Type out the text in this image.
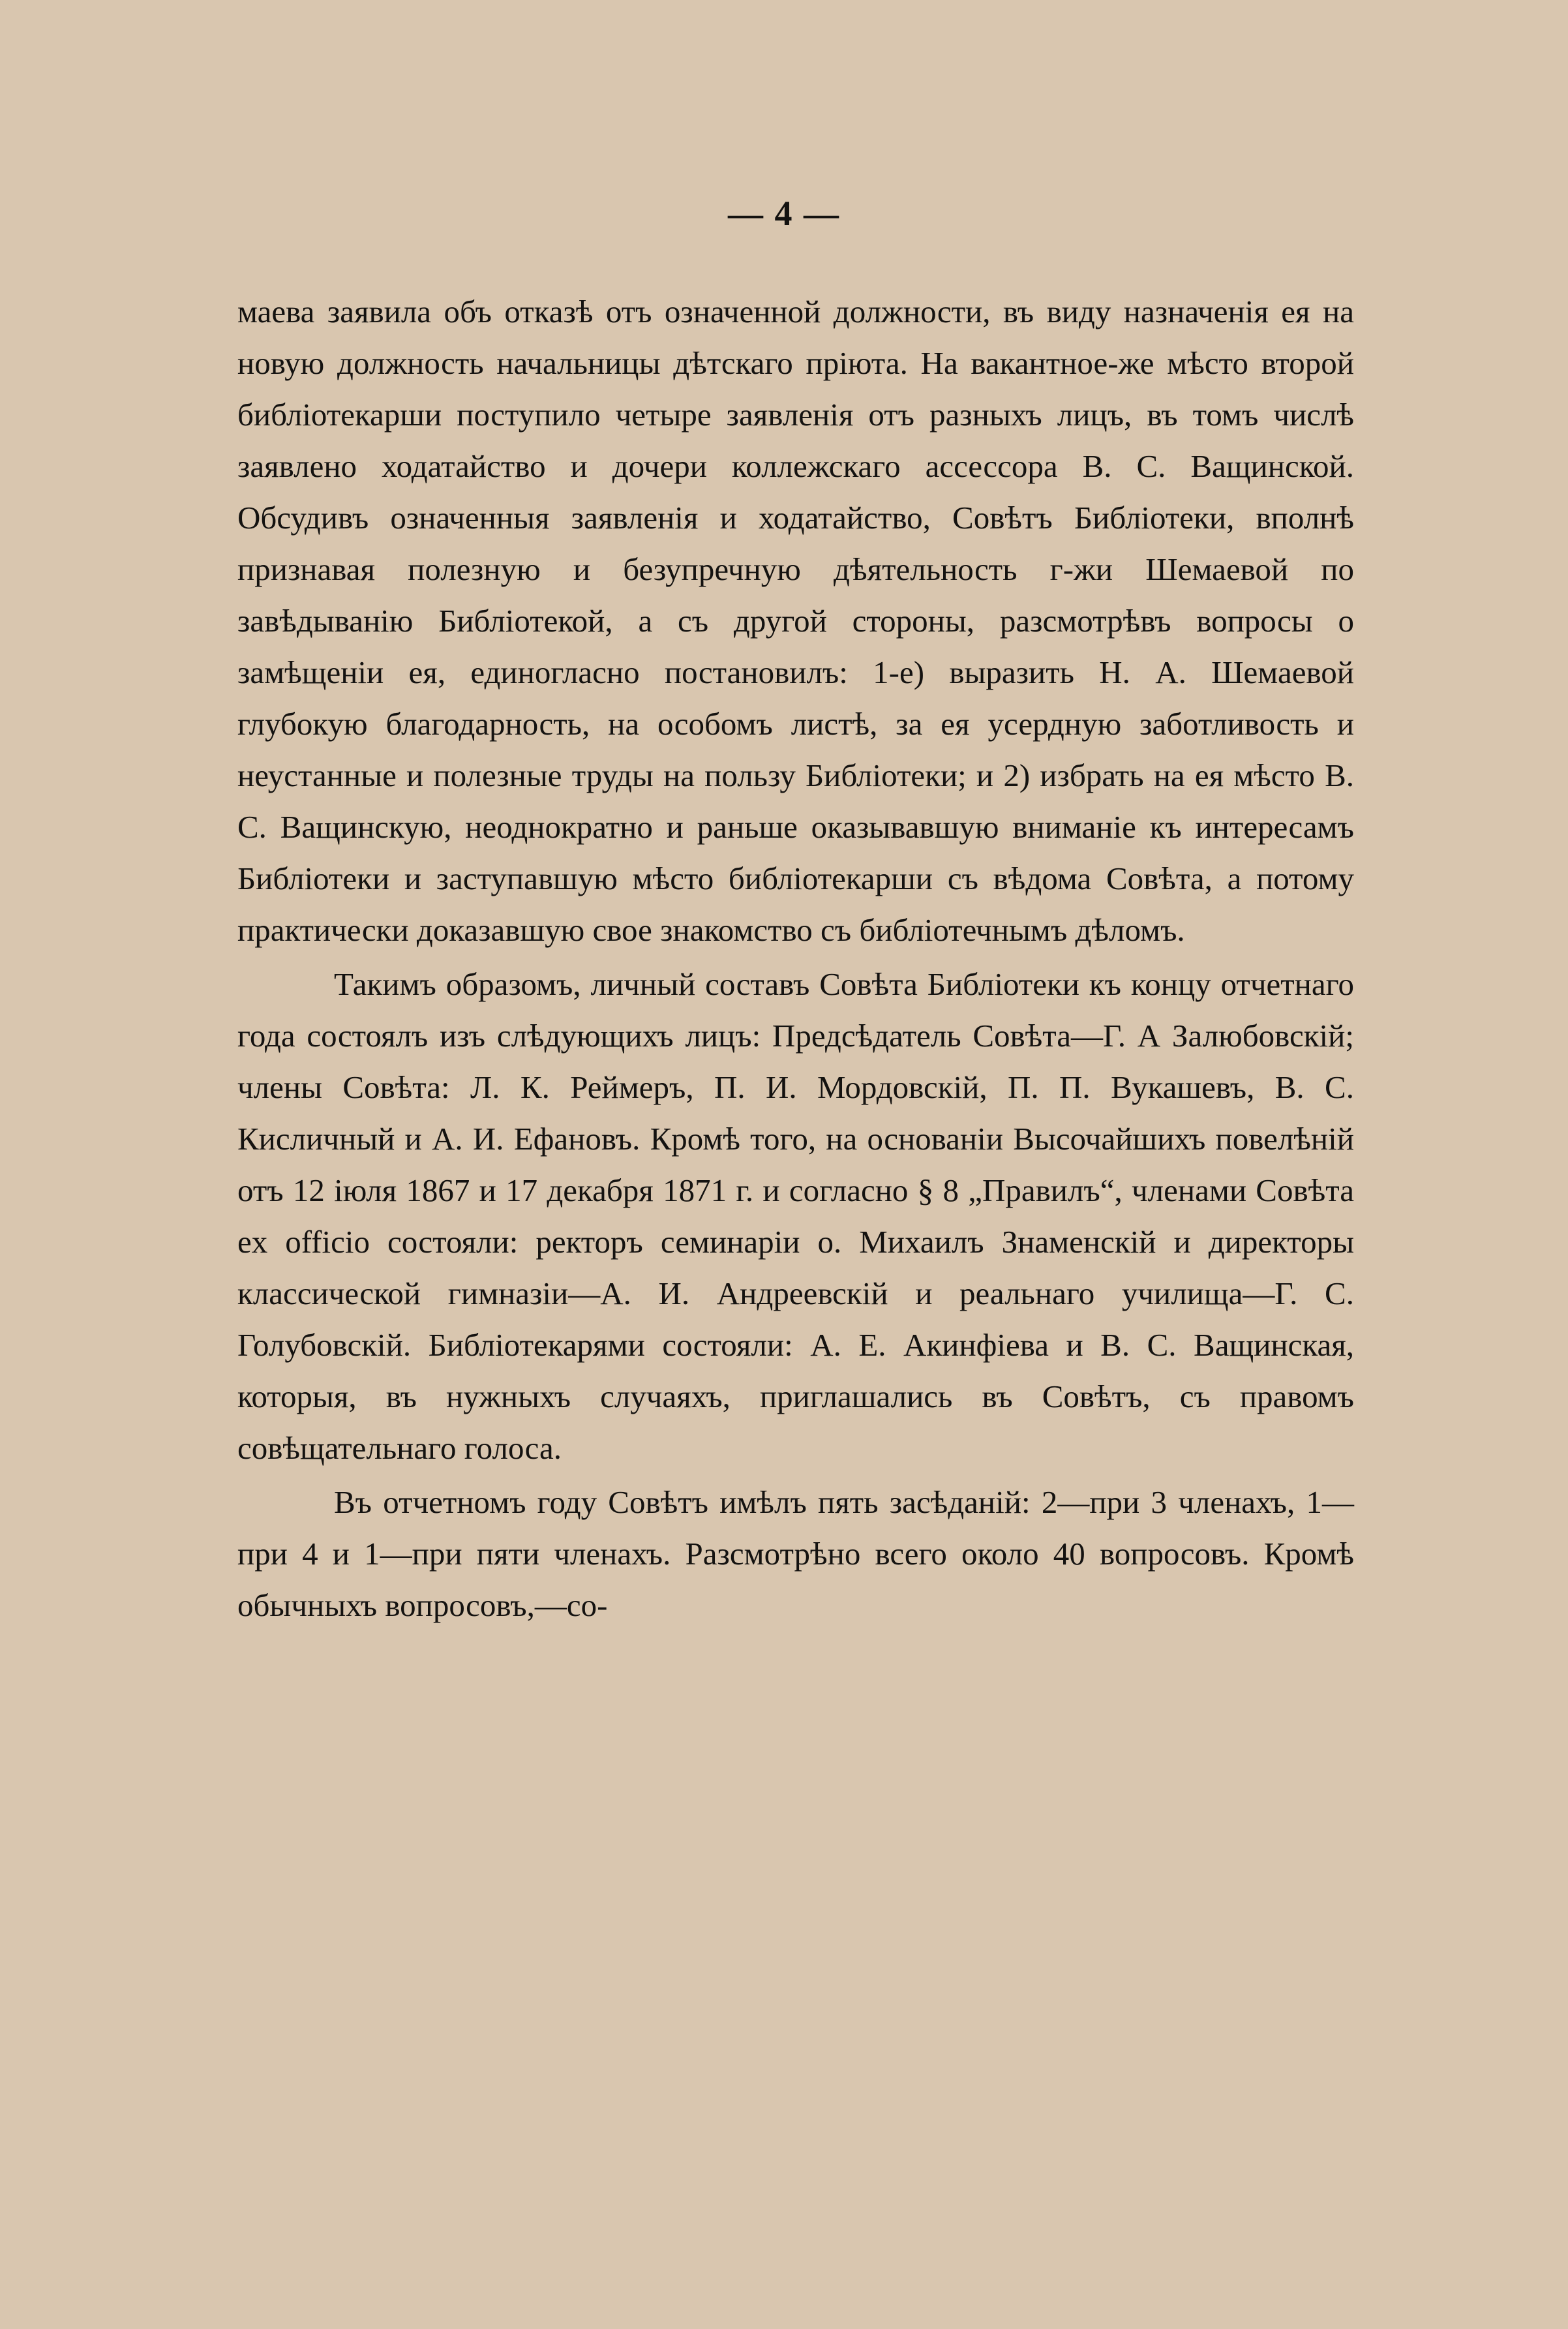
— 4 —

маева заявила объ отказѣ отъ означенной должности, въ виду назначенія ея на новую должность начальницы дѣтскаго пріюта. На вакантное-же мѣсто второй библіотекарши поступило четыре заявленія отъ разныхъ лицъ, въ томъ числѣ заявлено ходатайство и дочери коллежскаго ассессора В. С. Ващинской. Обсудивъ означенныя заявленія и ходатайство, Совѣтъ Библіотеки, вполнѣ признавая полезную и безупречную дѣятельность г-жи Шемаевой по завѣдыванію Библіотекой, а съ другой стороны, разсмотрѣвъ вопросы о замѣщеніи ея, единогласно постановилъ: 1-е) выразить Н. А. Шемаевой глубокую благодарность, на особомъ листѣ, за ея усердную заботливость и неустанные и полезные труды на пользу Библіотеки; и 2) избрать на ея мѣсто В. С. Ващинскую, неоднократно и раньше оказывавшую вниманіе къ интересамъ Библіотеки и заступавшую мѣсто библіотекарши съ вѣдома Совѣта, а потому практически доказавшую свое знакомство съ библіотечнымъ дѣломъ.

Такимъ образомъ, личный составъ Совѣта Библіотеки къ концу отчетнаго года состоялъ изъ слѣдующихъ лицъ: Предсѣдатель Совѣта—Г. А Залюбовскій; члены Совѣта: Л. К. Реймеръ, П. И. Мордовскій, П. П. Вукашевъ, В. С. Кисличный и А. И. Ефановъ. Кромѣ того, на основаніи Высочайшихъ повелѣній отъ 12 іюля 1867 и 17 декабря 1871 г. и согласно § 8 „Правилъ“, членами Совѣта ex officio состояли: ректоръ семинаріи о. Михаилъ Знаменскій и директоры классической гимназіи—А. И. Андреевскій и реальнаго училища—Г. С. Голубовскій. Библіотекарями состояли: А. Е. Акинфіева и В. С. Ващинская, которыя, въ нужныхъ случаяхъ, приглашались въ Совѣтъ, съ правомъ совѣщательнаго голоса.

Въ отчетномъ году Совѣтъ имѣлъ пять засѣданій: 2—при 3 членахъ, 1—при 4 и 1—при пяти членахъ. Разсмотрѣно всего около 40 вопросовъ. Кромѣ обычныхъ вопросовъ,—со-
